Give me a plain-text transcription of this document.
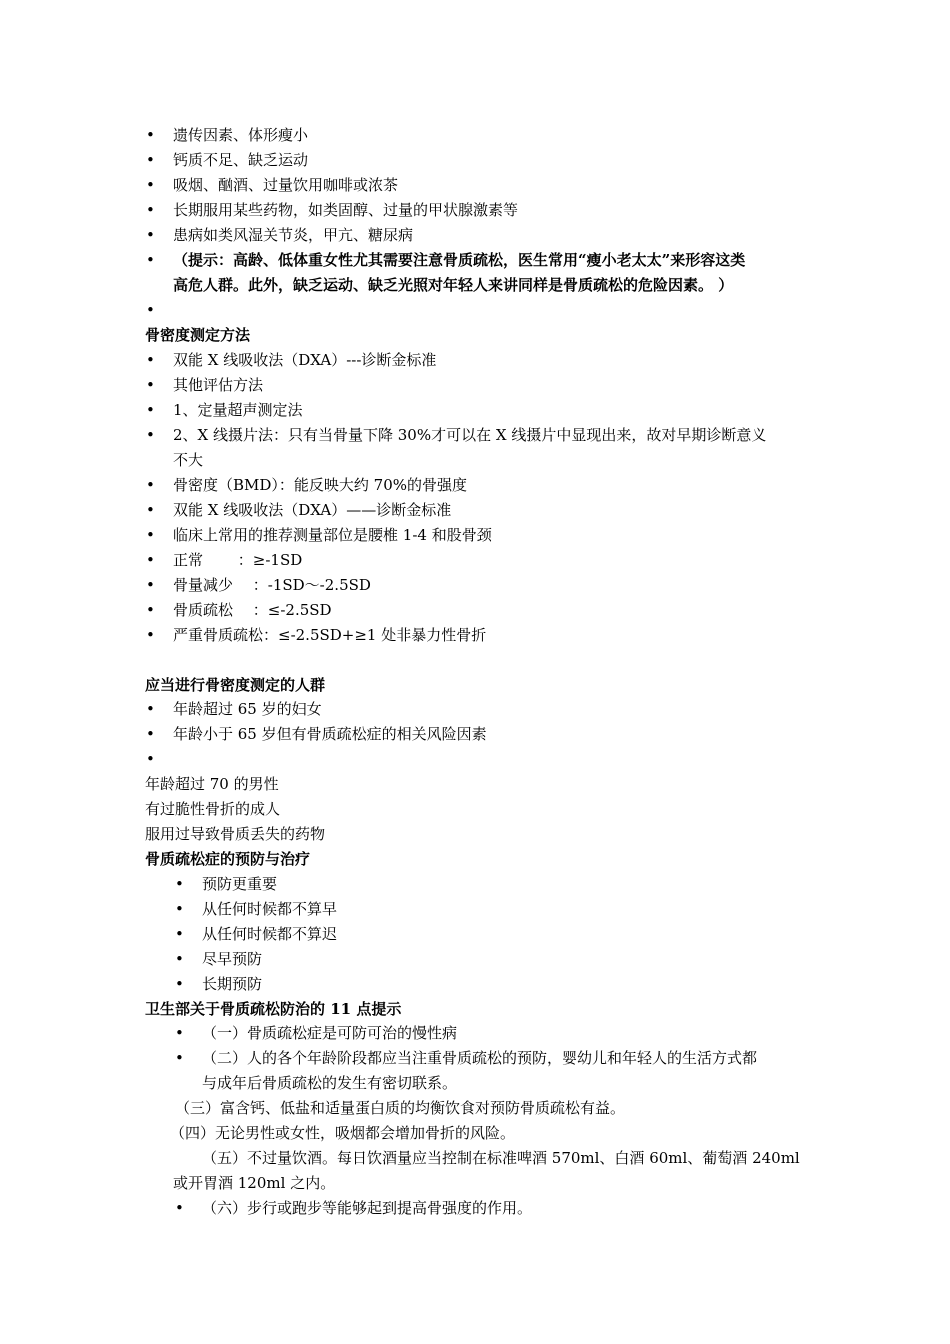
• 遗传因素、体形瘦小
• 钙质不足、缺乏运动
• 吸烟、酗酒、过量饮用咖啡或浓茶
• 长期服用某些药物，如类固醇、过量的甲状腺激素等
• 患病如类风湿关节炎，甲亢、糖尿病
• （提示：高龄、低体重女性尤其需要注意骨质疏松，医生常用“瘦小老太太”来形容这类
高危人群。此外，缺乏运动、缺乏光照对年轻人来讲同样是骨质疏松的危险因素。 ）
•
骨密度测定方法
• 双能 X 线吸收法（DXA）---诊断金标准
• 其他评估方法
• 1、定量超声测定法
• 2、X 线摄片法：只有当骨量下降 30%才可以在 X 线摄片中显现出来，故对早期诊断意义
不大
• 骨密度（BMD）：能反映大约 70%的骨强度
• 双能 X 线吸收法（DXA）——诊断金标准
• 临床上常用的推荐测量部位是腰椎 1-4 和股骨颈
• 正常　　 ：≥-1SD
• 骨量减少　 ：-1SD～-2.5SD
• 骨质疏松　 ：≤-2.5SD
• 严重骨质疏松：≤-2.5SD+≥1 处非暴力性骨折
应当进行骨密度测定的人群
• 年龄超过 65 岁的妇女
• 年龄小于 65 岁但有骨质疏松症的相关风险因素
•
年龄超过 70 的男性
有过脆性骨折的成人
服用过导致骨质丢失的药物
骨质疏松症的预防与治疗
• 预防更重要
• 从任何时候都不算早
• 从任何时候都不算迟
• 尽早预防
• 长期预防
卫生部关于骨质疏松防治的 11 点提示
• （一）骨质疏松症是可防可治的慢性病
• （二）人的各个年龄阶段都应当注重骨质疏松的预防，婴幼儿和年轻人的生活方式都
与成年后骨质疏松的发生有密切联系。
（三）富含钙、低盐和适量蛋白质的均衡饮食对预防骨质疏松有益。
（四）无论男性或女性，吸烟都会增加骨折的风险。
（五）不过量饮酒。每日饮酒量应当控制在标准啤酒 570ml、白酒 60ml、葡萄酒 240ml
或开胃酒 120ml 之内。
• （六）步行或跑步等能够起到提高骨强度的作用。
